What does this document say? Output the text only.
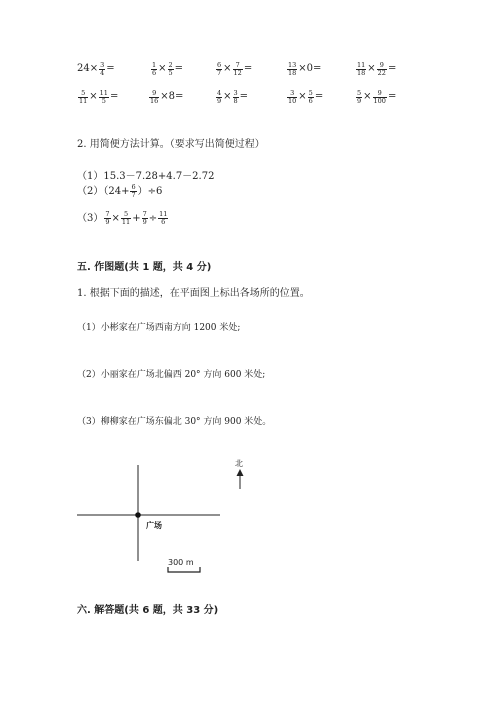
$24\times \frac{3}{4}$ =	$\frac{1}{6} \times \frac{2}{5}$ =	$\frac{6}{7} \times \frac{7}{12}$ =	$\frac{13}{18} \times 0=$	$\frac{11}{18} \times \frac{9}{22}$ =
$\frac{5}{11} \times \frac{11}{5}$ =	$\frac{9}{16} \times 8=$	$\frac{4}{9} \times \frac{3}{8}$ =	$\frac{3}{10} \times \frac{5}{6}$ =	$\frac{5}{9} \times \frac{9}{100}$ =
2. 用简便方法计算。（要求写出简便过程）
（1）15.3－7.28+4.7－2.72
$(2)(24+ \frac{6}{7} )\div 6$
$(3) \frac{7}{9} \times \frac{5}{11} + \frac{7}{9} \div \frac{11}{6}$
五. 作图题(共 1 题，共 4 分)
1. 根据下面的描述，在平面图上标出各场所的位置。
（1）小彬家在广场西南方向 1200 米处;
（2）小丽家在广场北偏西 20° 方向 600 米处;
（3）柳柳家在广场东偏北 30° 方向 900 米处。
北
广场
300 m
六. 解答题(共 6 题，共 33 分)
